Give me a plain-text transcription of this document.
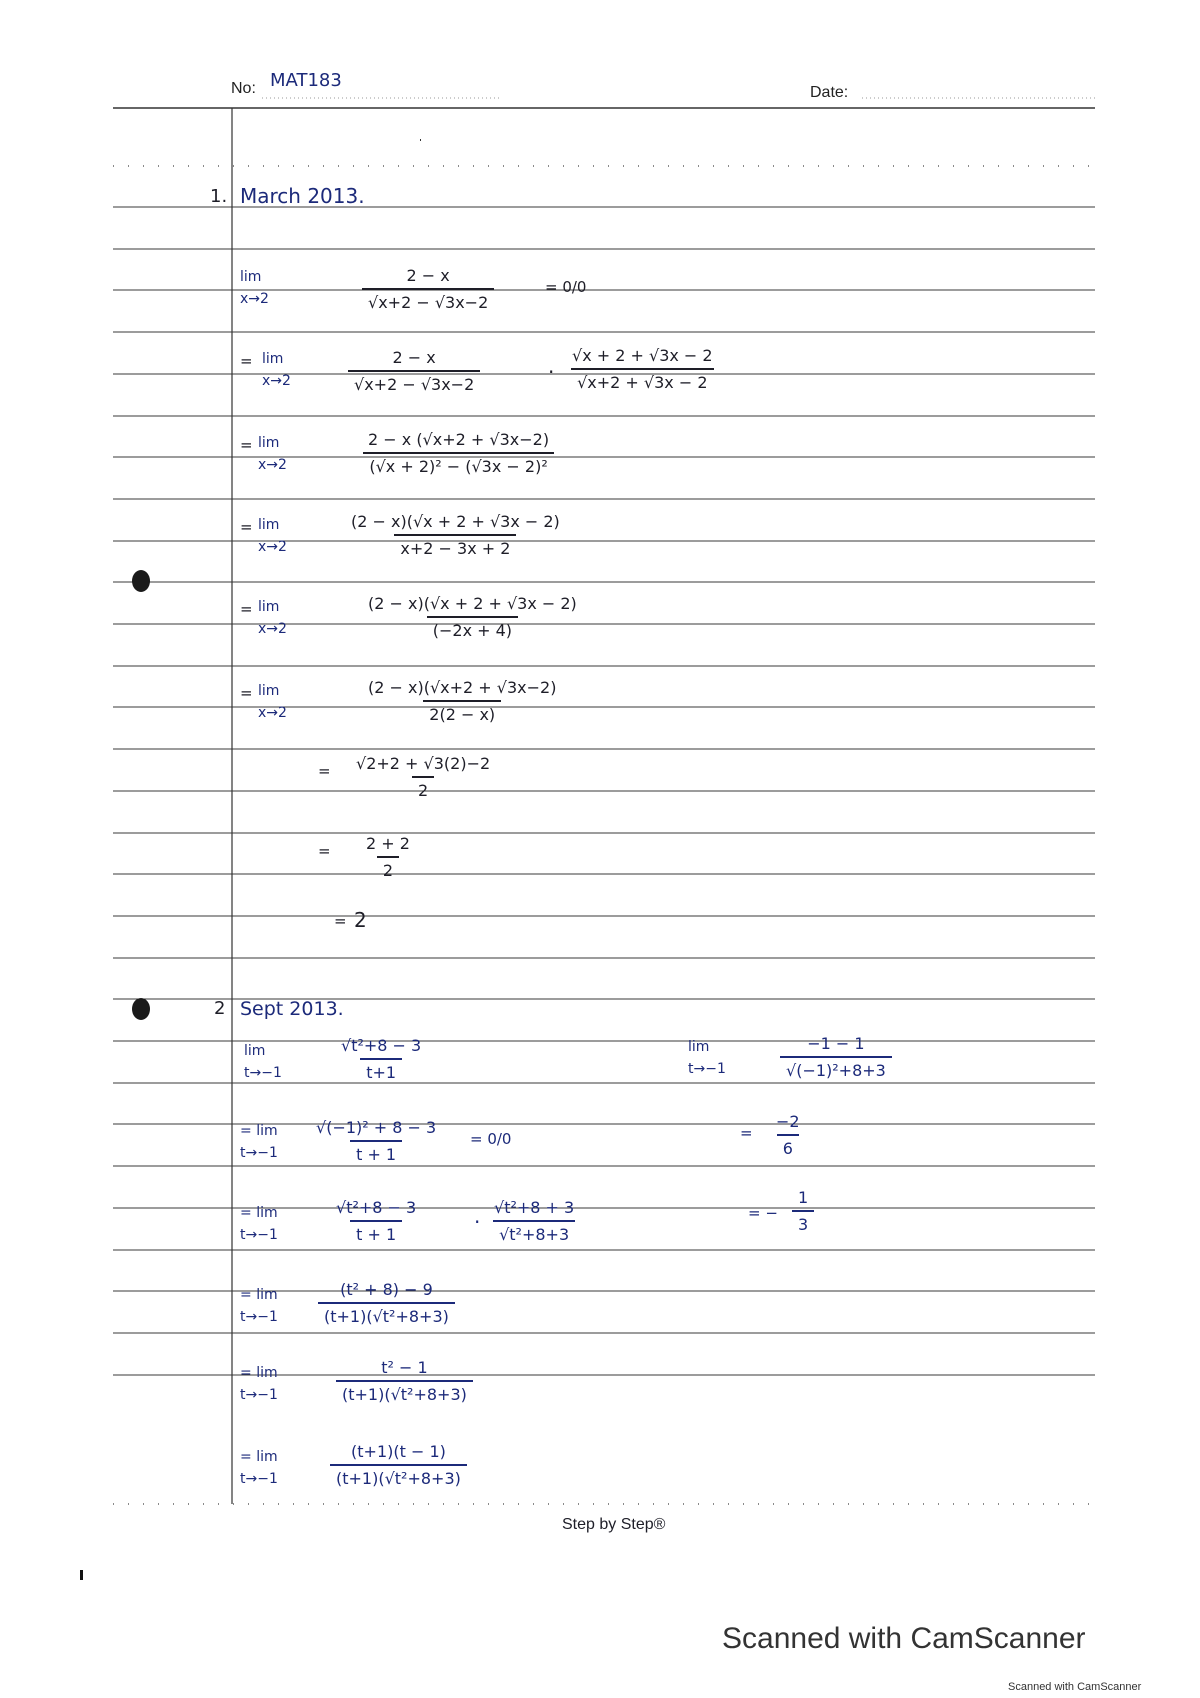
No: MAT183
Date:
1. March 2013.
lim
x→2	$\frac{2 - x}{√x+2 - √3x-2}$	= 0/0
= lim
x→2	$\frac{2 - x}{√x+2 - √3x-2}$	· $\frac{√x + 2 + √3x - 2}{√x+2 + √3x - 2}$
= lim
x→2	$\frac{2 - x (√x+2 + √3x-2)}{\text{(√x + 2)² − (√3x − 2)²}}$
= lim
x→2	$\frac{(2 - x)(√x + 2 + √3x - 2)}{x+2 - 3x + 2}$
= lim
x→2	$\frac{(2 - x)(√x + 2 + √3x - 2)}{(-2x + 4)}$
= lim
x→2	$\frac{(2 - x)(√x+2 + √3x-2)}{2(2 - x)}$
= $\frac{√2+2 + √3(2)-2}{2}$
= $\frac{2 + 2}{2}$
= 2
2 Sept 2013.
lim
t→−1	$\frac{\text{√t²+8 − 3}}{t+1}$
= lim
$t\to-1 \frac{\text{√(−1)² + 8 − 3}}{t + 1} = 0/0$
= lim
t→−1	$\frac{\text{√t²+8 − 3}}{t + 1}$	· $\frac{\text{√t²+8 + 3}}{\text{√t²+8+3}}$
= lim
t→−1	$\frac{\text{(t² + 8) − 9}}{\text{(t+1)(√t²+8+3)}}$
= lim
t→−1	$\frac{\text{t² − 1}}{\text{(t+1)(√t²+8+3)}}$
= lim
t→−1	$\frac{(t+1)(t - 1)}{\text{(t+1)(√t²+8+3)}}$
lim
t→−1	$\frac{-1 - 1}{\text{√(−1)²+8+3}}$
= $\frac{-2}{6}$
= − $\frac{1}{3}$
Step by Step®
Scanned with CamScanner
Scanned with CamScanner
